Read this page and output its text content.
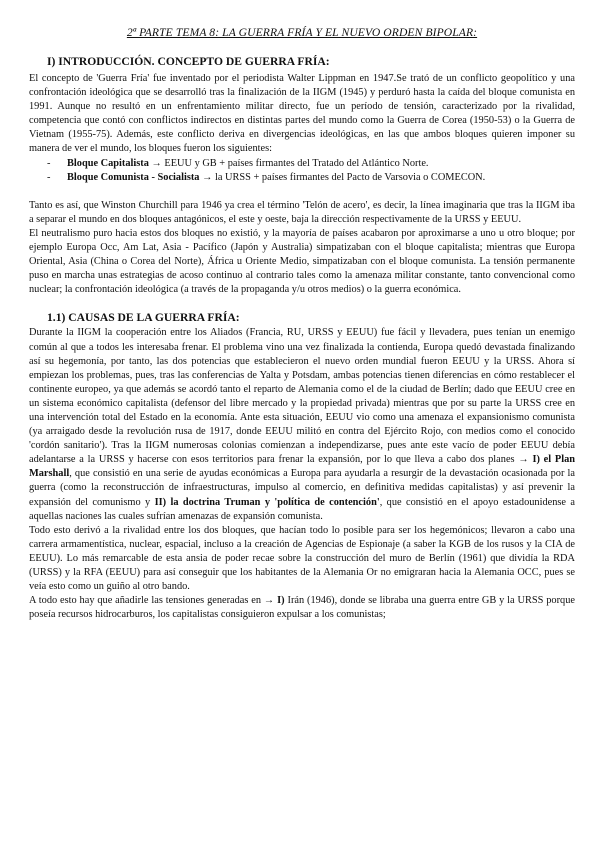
2ª PARTE TEMA 8: LA GUERRA FRÍA Y EL NUEVO ORDEN BIPOLAR:
I) INTRODUCCIÓN. CONCEPTO DE GUERRA FRÍA:

El concepto de 'Guerra Fría' fue inventado por el periodista Walter Lippman en 1947.Se trató de un conflicto geopolítico y una confrontación ideológica que se desarrolló tras la finalización de la IIGM (1945) y perduró hasta la caída del bloque comunista en 1991. Aunque no resultó en un enfrentamiento militar directo, fue un período de tensión, caracterizado por la rivalidad, competencia que contó con conflictos indirectos en distintas partes del mundo como la Guerra de Corea (1950-53) o la Guerra de Vietnam (1955-75). Además, este conflicto deriva en divergencias ideológicas, en las que ambos bloques quieren imponer su manera de ver el mundo, los bloques fueron los siguientes:

- Bloque Capitalista → EEUU y GB + países firmantes del Tratado del Atlántico Norte.
- Bloque Comunista - Socialista → la URSS + países firmantes del Pacto de Varsovia o COMECON.

Tanto es así, que Winston Churchill para 1946 ya crea el término 'Telón de acero', es decir, la línea imaginaria que tras la IIGM iba a separar el mundo en dos bloques antagónicos, el este y oeste, baja la dirección respectivamente de la URSS y EEUU.

El neutralismo puro hacia estos dos bloques no existió, y la mayoría de países acabaron por aproximarse a uno u otro bloque; por ejemplo Europa Occ, Am Lat, Asia - Pacífico (Japón y Australia) simpatizaban con el bloque capitalista; mientras que Europa Oriental, Asia (China o Corea del Norte), África u Oriente Medio, simpatizaban con el bloque comunista. La tensión permanente puso en marcha unas estrategias de acoso continuo al contrario tales como la amenaza militar constante, tanto convencional como nuclear; la confrontación ideológica (a través de la propaganda y/u otros medios) o la guerra económica.

1.1) CAUSAS DE LA GUERRA FRÍA:

Durante la IIGM la cooperación entre los Aliados (Francia, RU, URSS y EEUU) fue fácil y llevadera, pues tenían un enemigo común al que a todos les interesaba frenar. El problema vino una vez finalizada la contienda, Europa quedó devastada finalizando así su hegemonía, por tanto, las dos potencias que establecieron el nuevo orden mundial fueron EEUU y la URSS. Ahora sí empiezan los problemas, pues, tras las conferencias de Yalta y Potsdam, ambas potencias tienen diferencias en cómo restablecer el continente europeo, ya que además se acordó tanto el reparto de Alemania como el de la ciudad de Berlín; dado que EEUU cree en un sistema económico capitalista (defensor del libre mercado y la propiedad privada) mientras que por su parte la URSS cree en una intervención total del Estado en la economía. Ante esta situación, EEUU vio como una amenaza el expansionismo comunista (ya arraigado desde la revolución rusa de 1917, donde EEUU militó en contra del Ejército Rojo, con medios como el conocido 'cordón sanitario'). Tras la IIGM numerosas colonias comienzan a independizarse, pues ante este vacío de poder EEUU debía adelantarse a la URSS y hacerse con esos territorios para frenar la expansión, por lo que lleva a cabo dos planes → I) el Plan Marshall, que consistió en una serie de ayudas económicas a Europa para ayudarla a resurgir de la devastación ocasionada por la guerra (como la reconstrucción de infraestructuras, impulso al comercio, en definitiva medidas capitalistas) y así prevenir la expansión del comunismo y II) la doctrina Truman y 'política de contención', que consistió en el apoyo estadounidense a aquellas naciones las cuales sufrían amenazas de expansión comunista.

Todo esto derivó a la rivalidad entre los dos bloques, que hacían todo lo posible para ser los hegemónicos; llevaron a cabo una carrera armamentística, nuclear, espacial, incluso a la creación de Agencias de Espionaje (a saber la KGB de los rusos y la CIA de EEUU). Lo más remarcable de esta ansia de poder recae sobre la construcción del muro de Berlín (1961) que dividía la RDA (URSS) y la RFA (EEUU) para así conseguir que los habitantes de la Alemania Or no emigraran hacia la Alemania OCC, pues se veía esto como un guiño al otro bando.

A todo esto hay que añadirle las tensiones generadas en → I) Irán (1946), donde se libraba una guerra entre GB y la URSS porque poseía recursos hidrocarburos, los capitalistas consiguieron expulsar a los comunistas;
